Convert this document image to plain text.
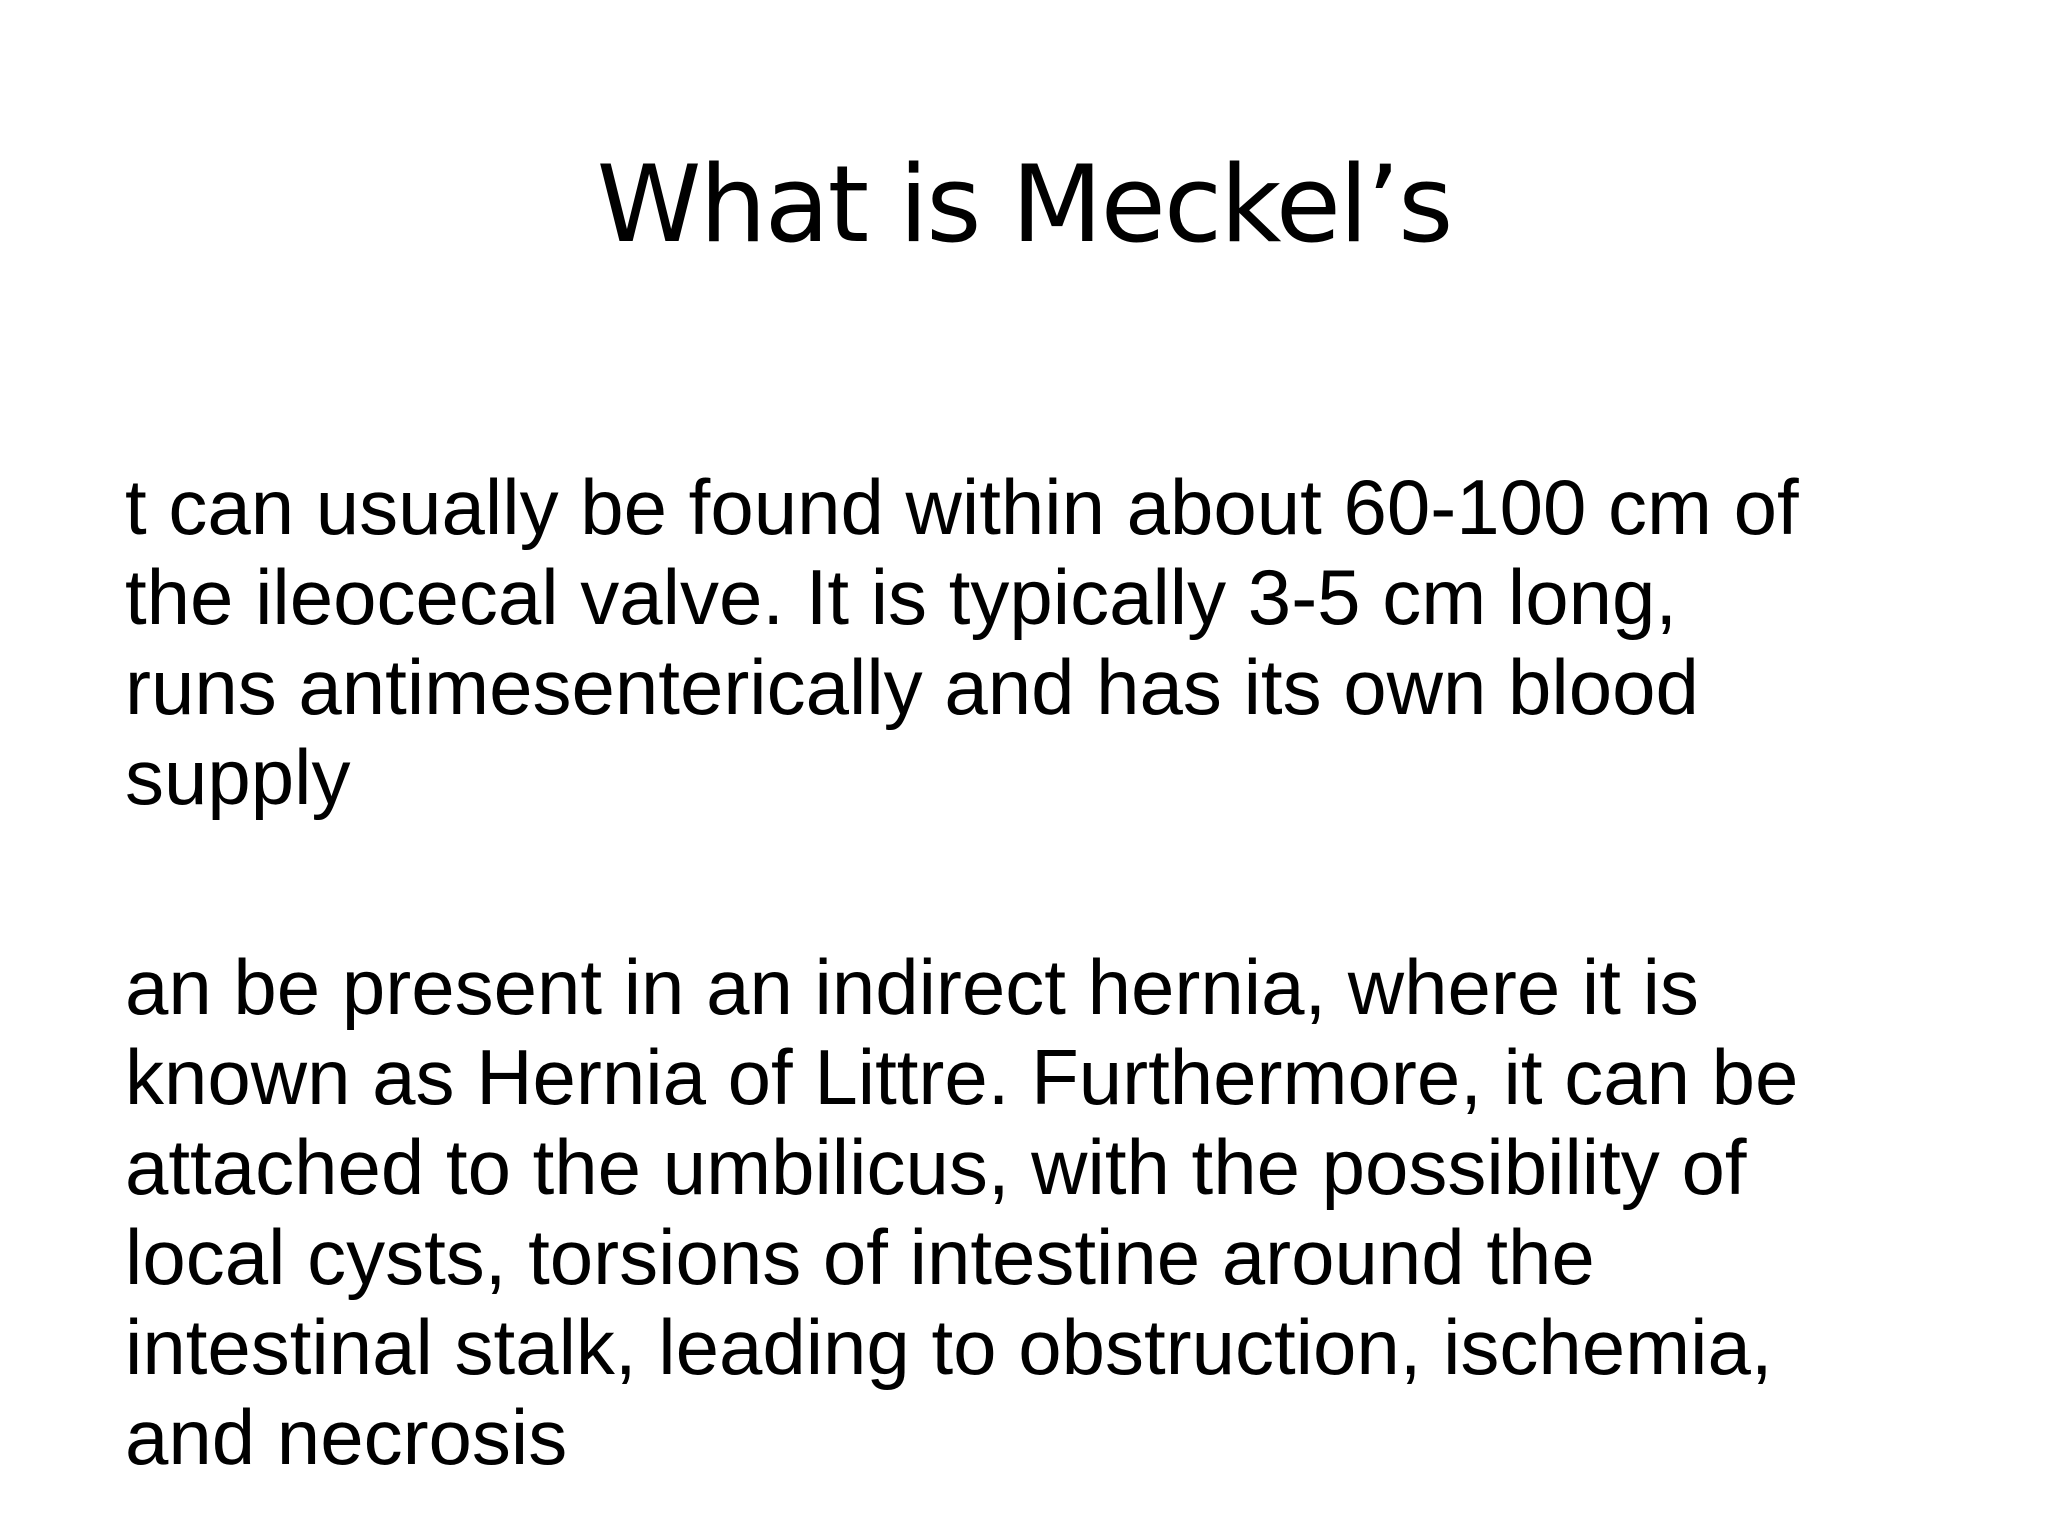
What is Meckel’s

t can usually be found within about 60-100 cm of
the ileocecal valve. It is typically 3-5 cm long,
runs antimesenterically and has its own blood
supply

an be present in an indirect hernia, where it is
known as Hernia of Littre. Furthermore, it can be
attached to the umbilicus, with the possibility of
local cysts, torsions of intestine around the
intestinal stalk, leading to obstruction, ischemia,
and necrosis
